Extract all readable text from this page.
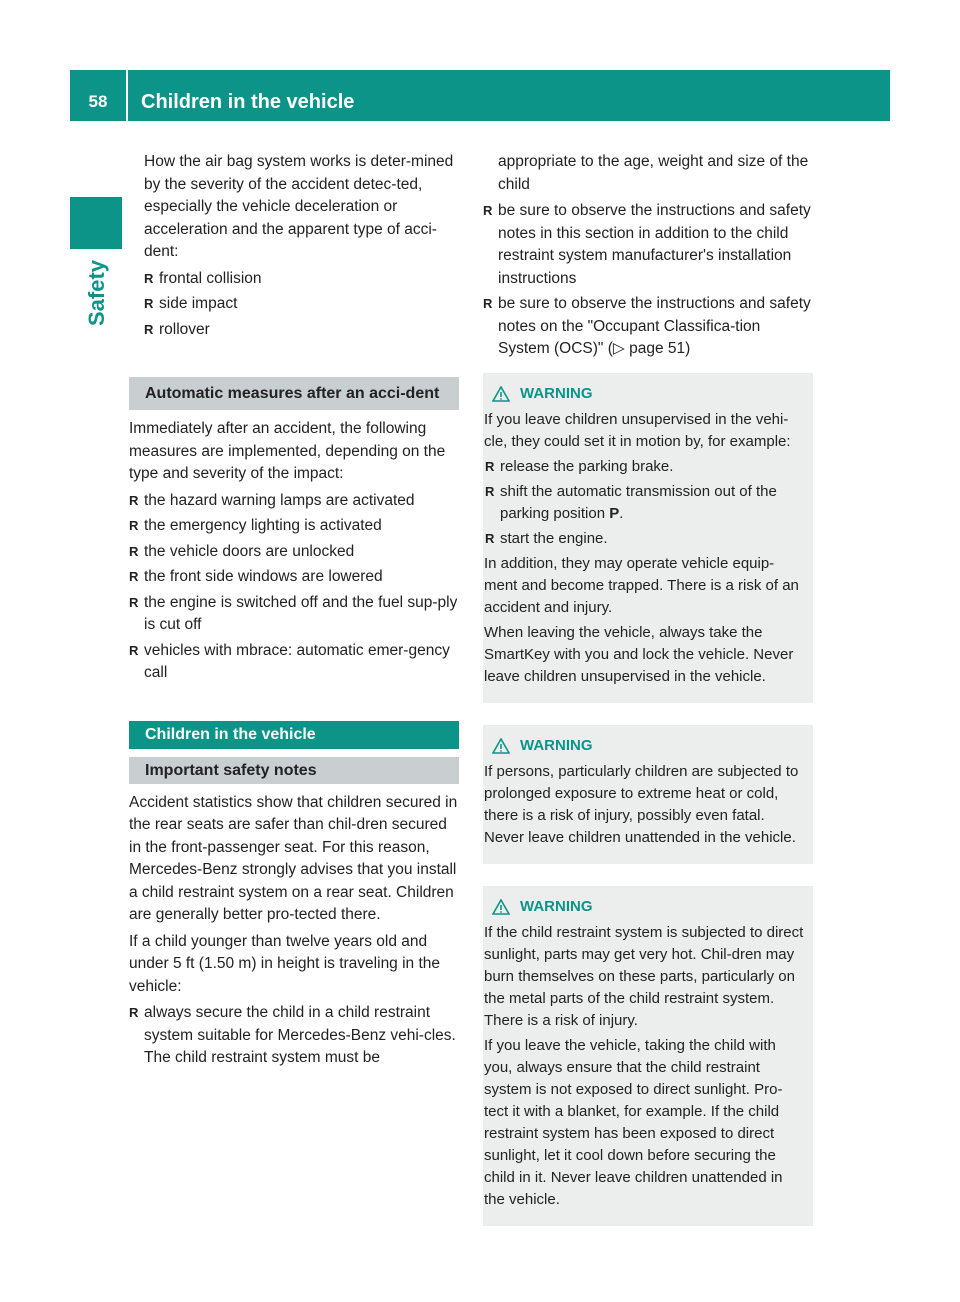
58	Children in the vehicle
Safety

How the air bag system works is deter-mined by the severity of the accident detec-ted, especially the vehicle deceleration or acceleration and the apparent type of acci-dent:

R frontal collision
R side impact
R rollover
Automatic measures after an acci-dent

Immediately after an accident, the following measures are implemented, depending on the type and severity of the impact:

R the hazard warning lamps are activated
R the emergency lighting is activated
R the vehicle doors are unlocked
R the front side windows are lowered
R the engine is switched off and the fuel sup-ply is cut off
R vehicles with mbrace: automatic emer-gency call
Children in the vehicle
Important safety notes

Accident statistics show that children secured in the rear seats are safer than chil-dren secured in the front-passenger seat. For this reason, Mercedes-Benz strongly advises that you install a child restraint system on a rear seat. Children are generally better pro-tected there.

If a child younger than twelve years old and under 5 ft (1.50 m) in height is traveling in the vehicle:

R always secure the child in a child restraint system suitable for Mercedes-Benz vehi-cles. The child restraint system must be

appropriate to the age, weight and size of the child

R be sure to observe the instructions and safety notes in this section in addition to the child restraint system manufacturer's installation instructions
R be sure to observe the instructions and safety notes on the "Occupant Classifica-tion System (OCS)" (▷ page 51)
WARNING

If you leave children unsupervised in the vehi-cle, they could set it in motion by, for example:

R release the parking brake.
R shift the automatic transmission out of the parking position P.
R start the engine.

In addition, they may operate vehicle equip-ment and become trapped. There is a risk of an accident and injury.

When leaving the vehicle, always take the SmartKey with you and lock the vehicle. Never leave children unsupervised in the vehicle.

WARNING

If persons, particularly children are subjected to prolonged exposure to extreme heat or cold, there is a risk of injury, possibly even fatal. Never leave children unattended in the vehicle.

WARNING

If the child restraint system is subjected to direct sunlight, parts may get very hot. Chil-dren may burn themselves on these parts, particularly on the metal parts of the child restraint system. There is a risk of injury.

If you leave the vehicle, taking the child with you, always ensure that the child restraint system is not exposed to direct sunlight. Pro-tect it with a blanket, for example. If the child restraint system has been exposed to direct sunlight, let it cool down before securing the child in it. Never leave children unattended in the vehicle.
